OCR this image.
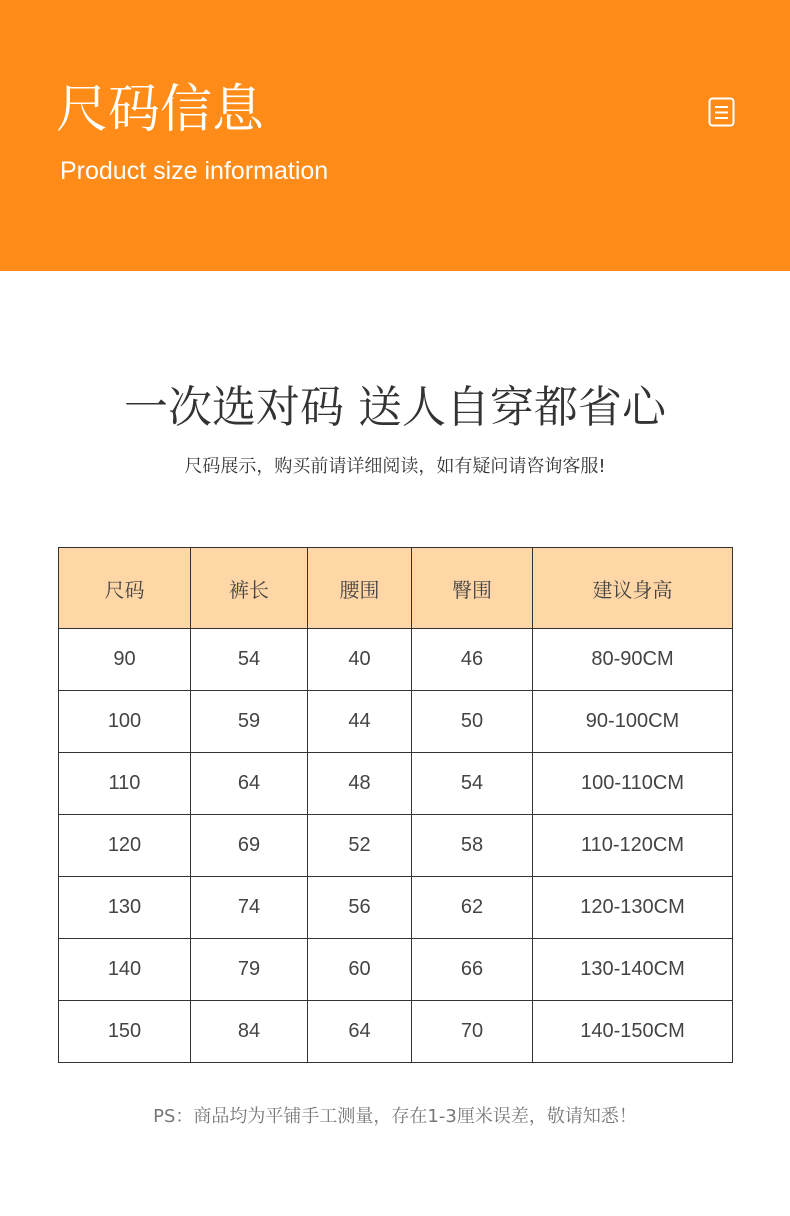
尺码信息
Product size information
一次选对码 送人自穿都省心
尺码展示，购买前请详细阅读，如有疑问请咨询客服!
尺码	裤长	腰围	臀围	建议身高
90	54	40	46	80-90CM
100	59	44	50	90-100CM
110	64	48	54	100-110CM
120	69	52	58	110-120CM
130	74	56	62	120-130CM
140	79	60	66	130-140CM
150	84	64	70	140-150CM
PS：商品均为平铺手工测量，存在1-3厘米误差，敬请知悉！
